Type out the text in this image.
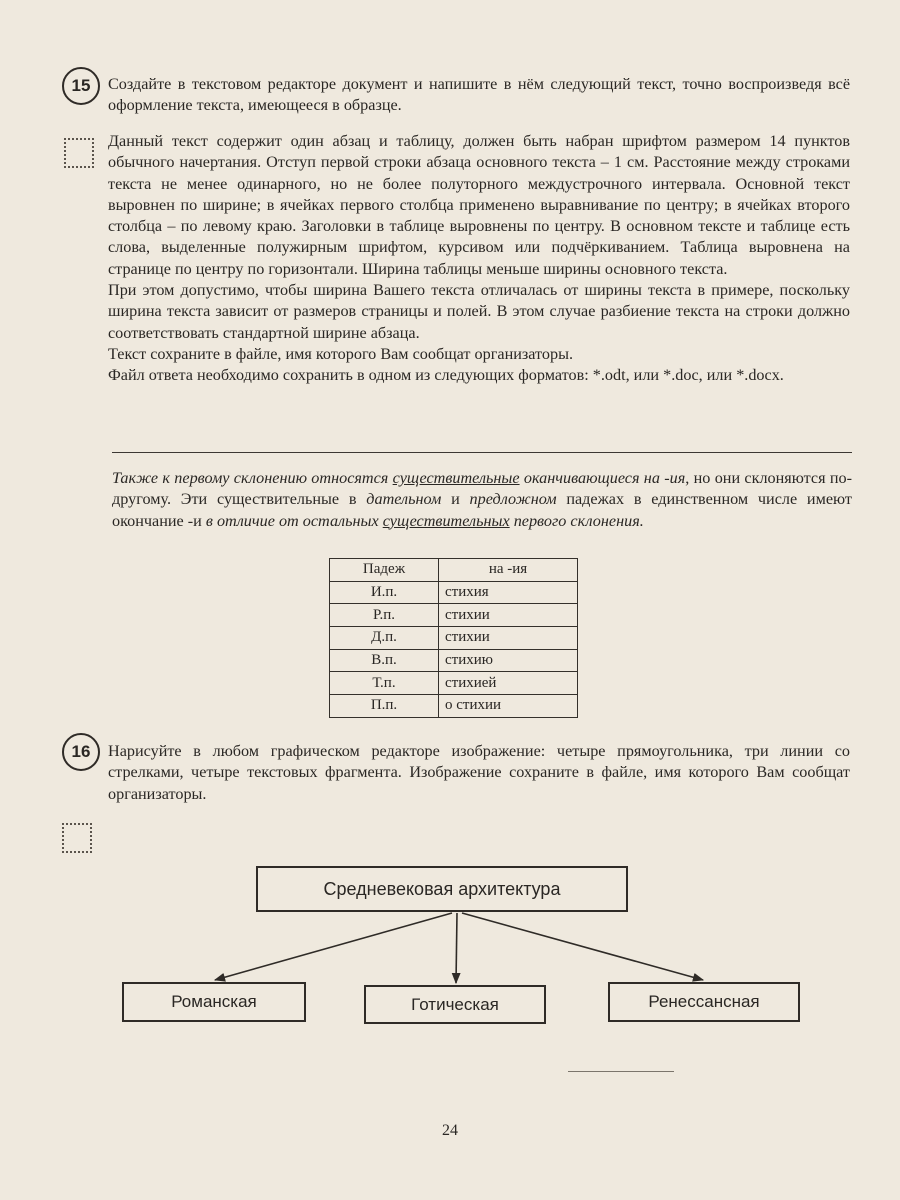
15 Создайте в текстовом редакторе документ и напишите в нём следующий текст, точно воспроизведя всё оформление текста, имеющееся в образце.

Данный текст содержит один абзац и таблицу, должен быть набран шрифтом размером 14 пунктов обычного начертания. Отступ первой строки абзаца основного текста – 1 см. Расстояние между строками текста не менее одинарного, но не более полуторного междустрочного интервала. Основной текст выровнен по ширине; в ячейках первого столбца применено выравнивание по центру; в ячейках второго столбца – по левому краю. Заголовки в таблице выровнены по центру. В основном тексте и таблице есть слова, выделенные полужирным шрифтом, курсивом или подчёркиванием. Таблица выровнена на странице по центру по горизонтали. Ширина таблицы меньше ширины основного текста.

При этом допустимо, чтобы ширина Вашего текста отличалась от ширины текста в примере, поскольку ширина текста зависит от размеров страницы и полей. В этом случае разбиение текста на строки должно соответствовать стандартной ширине абзаца.

Текст сохраните в файле, имя которого Вам сообщат организаторы.

Файл ответа необходимо сохранить в одном из следующих форматов: *.odt, или *.doc, или *.docx.

Также к первому склонению относятся существительные оканчивающиеся на -ия, но они склоняются по-другому. Эти существительные в дательном и предложном падежах в единственном числе имеют окончание -и в отличие от остальных существительных первого склонения.
Падеж	на -ия
И.п.	стихия
Р.п.	стихии
Д.п.	стихии
В.п.	стихию
Т.п.	стихией
П.п.	о стихии
16 Нарисуйте в любом графическом редакторе изображение: четыре прямоугольника, три линии со стрелками, четыре текстовых фрагмента. Изображение сохраните в файле, имя которого Вам сообщат организаторы.
Средневековая архитектура
Романская	Готическая	Ренессансная
24
